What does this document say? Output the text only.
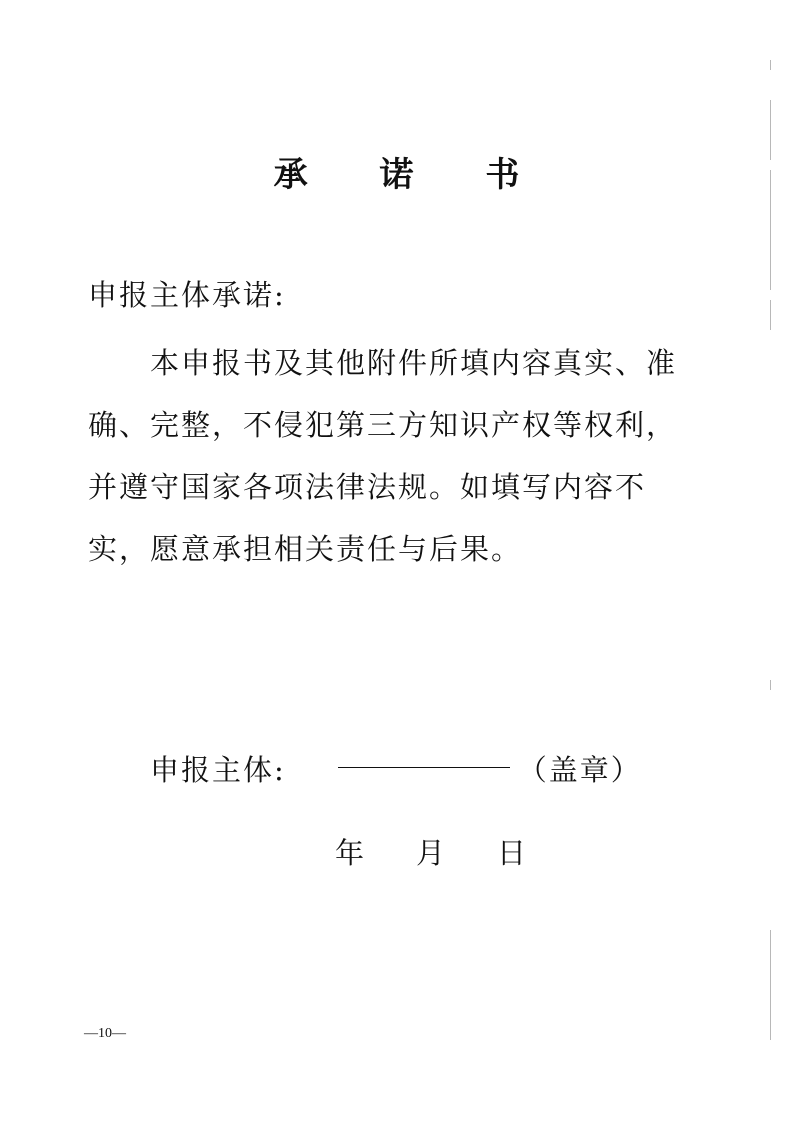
承 诺 书
申报主体承诺:
本申报书及其他附件所填内容真实、准确、完整，不侵犯第三方知识产权等权利，并遵守国家各项法律法规。如填写内容不实，愿意承担相关责任与后果。
申报主体:	（盖章）
年 月 日
—10—
